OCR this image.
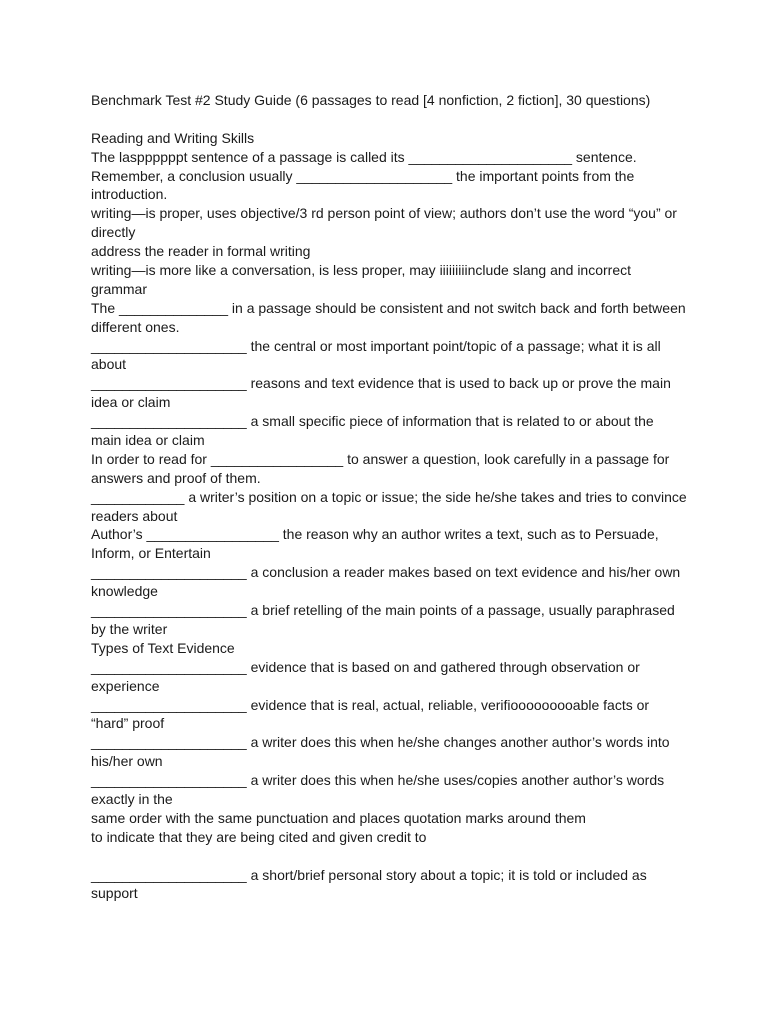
Benchmark Test #2 Study Guide (6 passages to read [4 nonfiction, 2 fiction], 30 questions)
Reading and Writing Skills
The lasppppppt sentence of a passage is called its _____________________ sentence.
Remember, a conclusion usually ____________________ the important points from the
introduction.
writing—is proper, uses objective/3 rd person point of view; authors don’t use the word “you” or
directly
address the reader in formal writing
writing—is more like a conversation, is less proper, may iiiiiiiiinclude slang and incorrect
grammar
The ______________ in a passage should be consistent and not switch back and forth between
different ones.
____________________ the central or most important point/topic of a passage; what it is all
about
____________________ reasons and text evidence that is used to back up or prove the main
idea or claim
____________________ a small specific piece of information that is related to or about the
main idea or claim
In order to read for _________________ to answer a question, look carefully in a passage for
answers and proof of them.
____________ a writer’s position on a topic or issue; the side he/she takes and tries to convince
readers about
Author’s _________________ the reason why an author writes a text, such as to Persuade,
Inform, or Entertain
____________________ a conclusion a reader makes based on text evidence and his/her own
knowledge
____________________ a brief retelling of the main points of a passage, usually paraphrased
by the writer
Types of Text Evidence
____________________ evidence that is based on and gathered through observation or
experience
____________________ evidence that is real, actual, reliable, verifiooooooooable facts or
“hard” proof
____________________ a writer does this when he/she changes another author’s words into
his/her own
____________________ a writer does this when he/she uses/copies another author’s words
exactly in the
same order with the same punctuation and places quotation marks around them
to indicate that they are being cited and given credit to
____________________ a short/brief personal story about a topic; it is told or included as
support
